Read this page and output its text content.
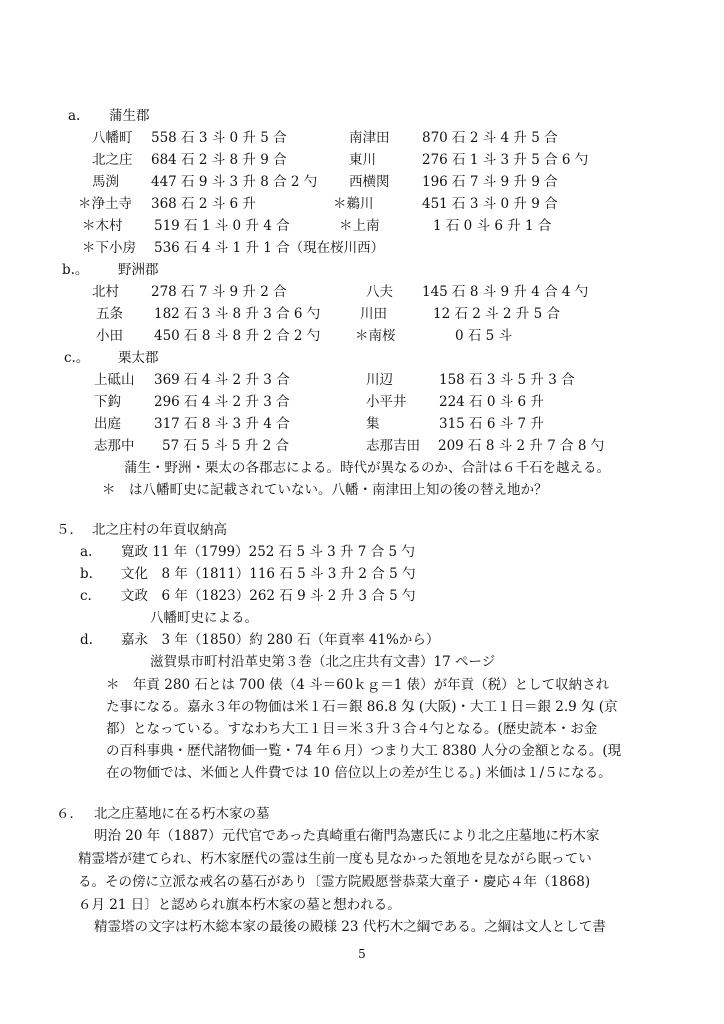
a. 蒲生郡
八幡町 558 石 3 斗 0 升 5 合	南津田 870 石 2 斗 4 升 5 合
北之庄 684 石 2 斗 8 升 9 合	東川	276 石 1 斗 3 升 5 合 6 勺
馬渕 447 石 9 斗 3 升 8 合 2 勺 西横関 196 石 7 斗 9 升 9 合
＊浄土寺 368 石 2 斗 6 升	＊鵜川	451 石 3 斗 0 升 9 合
＊木村 519 石 1 斗 0 升 4 合	＊上南	1 石 0 斗 6 升 1 合
＊下小房 536 石 4 斗 1 升 1 合（現在桜川西）
b.。 野洲郡
北村 278 石 7 斗 9 升 2 合	八夫 145 石 8 斗 9 升 4 合 4 勺
五条 182 石 3 斗 8 升 3 合 6 勺	川田	12 石 2 斗 2 升 5 合
小田 450 石 8 斗 8 升 2 合 2 勺	＊南桜	0 石 5 斗
c.。 栗太郡
上砥山 369 石 4 斗 2 升 3 合	川辺	158 石 3 斗 5 升 3 合
下鈎 296 石 4 斗 2 升 3 合	小平井 224 石 0 斗 6 升
出庭 317 石 8 斗 3 升 4 合	集	315 石 6 斗 7 升
志那中 57 石 5 斗 5 升 2 合	志那吉田 209 石 8 斗 2 升 7 合 8 勺
蒲生・野洲・栗太の各郡志による。時代が異なるのか、合計は６千石を越える。
＊　は八幡町史に記載されていない。八幡・南津田上知の後の替え地か？
５． 北之庄村の年貢収納高
a. 寛政 11 年（1799）252 石 5 斗 3 升 7 合 5 勺
b. 文化　8 年（1811）116 石 5 斗 3 升 2 合 5 勺
c. 文政　6 年（1823）262 石 9 斗 2 升 3 合 5 勺
八幡町史による。
d. 嘉永　3 年（1850）約 280 石（年貢率 41%から）
滋賀県市町村沿革史第３巻（北之庄共有文書）17 ページ
＊　年貢 280 石とは 700 俵（4 斗＝60ｋｇ＝1 俵）が年貢（税）として収納され
た事になる。嘉永３年の物価は米１石＝銀 86.8 匁 (大阪)・大工１日＝銀 2.9 匁 (京
都）となっている。すなわち大工１日＝米３升３合４勺となる。(歴史読本・お金
の百科事典・歴代諸物価一覧・74 年６月）つまり大工 8380 人分の金額となる。(現
在の物価では、米価と人件費では 10 倍位以上の差が生じる。) 米価は１/５になる。
６． 北之庄墓地に在る朽木家の墓
明治 20 年（1887）元代官であった真崎重右衛門為憲氏により北之庄墓地に朽木家
精霊塔が建てられ、朽木家歴代の霊は生前一度も見なかった領地を見ながら眠ってい
る。その傍に立派な戒名の墓石があり〔霊方院殿愿誉恭菜大童子・慶応４年（1868)
６月 21 日〕と認められ旗本朽木家の墓と想われる。
精霊塔の文字は朽木総本家の最後の殿様 23 代朽木之綱である。之綱は文人として書
5
